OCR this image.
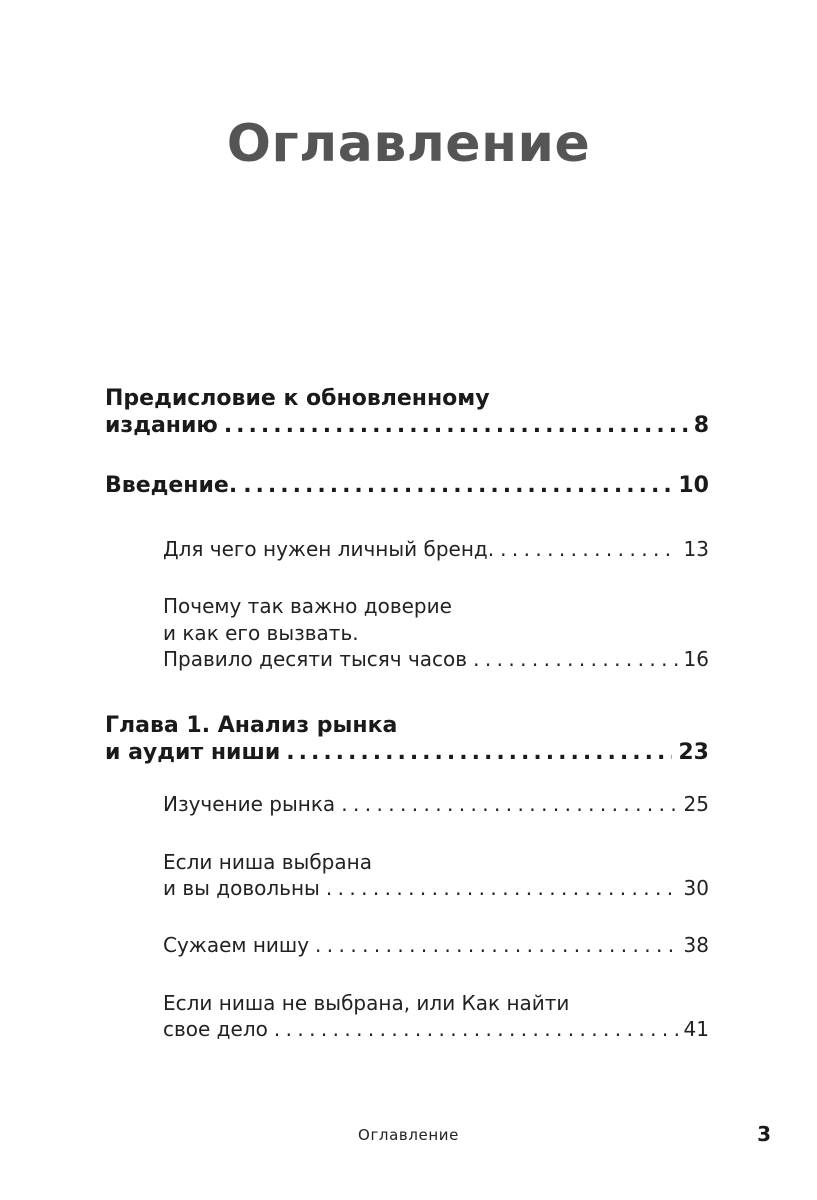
Оглавление
Предисловие к обновленному
изданию .....	8
Введение. .....	10
Для чего нужен личный бренд. .....	13
Почему так важно доверие
и как его вызвать.
Правило десяти тысяч часов .....	16
Глава 1. Анализ рынка
и аудит ниши .....	23
Изучение рынка .....	25
Если ниша выбрана
и вы довольны .....	30
Сужаем нишу .....	38
Если ниша не выбрана, или Как найти
свое дело .....	41
Оглавление	3
